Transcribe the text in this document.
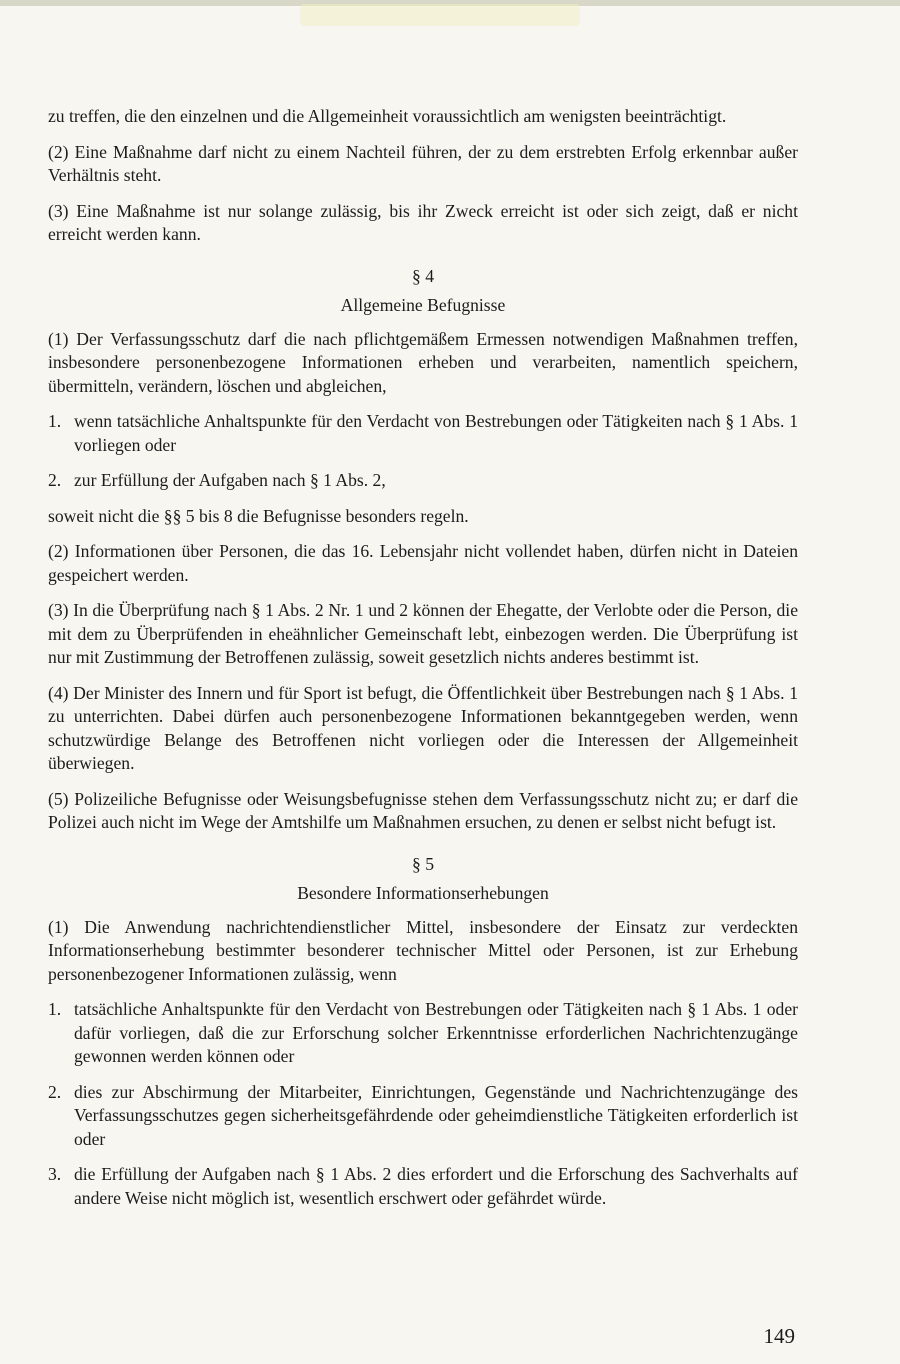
zu treffen, die den einzelnen und die Allgemeinheit voraussichtlich am wenigsten beeinträchtigt.

(2) Eine Maßnahme darf nicht zu einem Nachteil führen, der zu dem erstrebten Erfolg erkennbar außer Verhältnis steht.

(3) Eine Maßnahme ist nur solange zulässig, bis ihr Zweck erreicht ist oder sich zeigt, daß er nicht erreicht werden kann.

§ 4

Allgemeine Befugnisse

(1) Der Verfassungsschutz darf die nach pflichtgemäßem Ermessen notwendigen Maßnahmen treffen, insbesondere personenbezogene Informationen erheben und verarbeiten, namentlich speichern, übermitteln, verändern, löschen und abgleichen,

1. wenn tatsächliche Anhaltspunkte für den Verdacht von Bestrebungen oder Tätigkeiten nach § 1 Abs. 1 vorliegen oder
2. zur Erfüllung der Aufgaben nach § 1 Abs. 2,

soweit nicht die §§ 5 bis 8 die Befugnisse besonders regeln.

(2) Informationen über Personen, die das 16. Lebensjahr nicht vollendet haben, dürfen nicht in Dateien gespeichert werden.

(3) In die Überprüfung nach § 1 Abs. 2 Nr. 1 und 2 können der Ehegatte, der Verlobte oder die Person, die mit dem zu Überprüfenden in eheähnlicher Gemeinschaft lebt, einbezogen werden. Die Überprüfung ist nur mit Zustimmung der Betroffenen zulässig, soweit gesetzlich nichts anderes bestimmt ist.

(4) Der Minister des Innern und für Sport ist befugt, die Öffentlichkeit über Bestrebungen nach § 1 Abs. 1 zu unterrichten. Dabei dürfen auch personenbezogene Informationen bekanntgegeben werden, wenn schutzwürdige Belange des Betroffenen nicht vorliegen oder die Interessen der Allgemeinheit überwiegen.

(5) Polizeiliche Befugnisse oder Weisungsbefugnisse stehen dem Verfassungsschutz nicht zu; er darf die Polizei auch nicht im Wege der Amtshilfe um Maßnahmen ersuchen, zu denen er selbst nicht befugt ist.

§ 5

Besondere Informationserhebungen

(1) Die Anwendung nachrichtendienstlicher Mittel, insbesondere der Einsatz zur verdeckten Informationserhebung bestimmter besonderer technischer Mittel oder Personen, ist zur Erhebung personenbezogener Informationen zulässig, wenn

1. tatsächliche Anhaltspunkte für den Verdacht von Bestrebungen oder Tätigkeiten nach § 1 Abs. 1 oder dafür vorliegen, daß die zur Erforschung solcher Erkenntnisse erforderlichen Nachrichtenzugänge gewonnen werden können oder
2. dies zur Abschirmung der Mitarbeiter, Einrichtungen, Gegenstände und Nachrichtenzugänge des Verfassungsschutzes gegen sicherheitsgefährdende oder geheimdienstliche Tätigkeiten erforderlich ist oder
3. die Erfüllung der Aufgaben nach § 1 Abs. 2 dies erfordert und die Erforschung des Sachverhalts auf andere Weise nicht möglich ist, wesentlich erschwert oder gefährdet würde.
149
